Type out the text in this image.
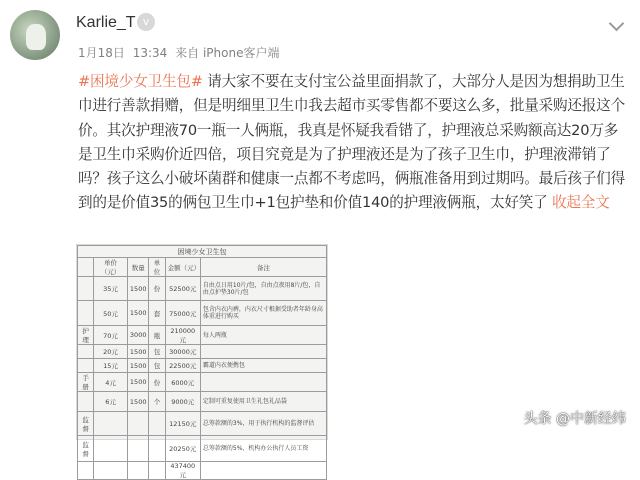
Karlie_T v
1月18日 13:34 来自 iPhone客户端
#困境少女卫生包# 请大家不要在支付宝公益里面捐款了，大部分人是因为想捐助卫生巾进行善款捐赠，但是明细里卫生巾我去超市买零售都不要这么多，批量采购还报这个价。其次护理液70一瓶一人俩瓶，我真是怀疑我看错了，护理液总采购额高达20万多是卫生巾采购价近四倍，项目究竟是为了护理液还是为了孩子卫生巾，护理液滞销了吗？孩子这么小破坏菌群和健康一点都不考虑吗，俩瓶准备用到过期吗。最后孩子们得到的是价值35的俩包卫生巾+1包护垫和价值140的护理液俩瓶，太好笑了 收起全文
困境少女卫生包					
	单价（元）	数量	单位	金额（元）	备注
	35元	1500	份	52500元	自由点日用10片/包，自由点夜用8片/包，自由点护垫30片/包
	50元	1500	套	75000元	包含内衣内裤，内衣尺寸根据受助者年龄身高体重进行购买
护理	70元	3000	瓶	210000元	每人两瓶
	20元	1500	包	30000元	
	15元	1500	包	22500元	霸道内衣便携包
手册	4元	1500	份	6000元	
	6元	1500	个	9000元	定制可重复使用卫生礼包礼品袋
监督				12150元	总筹款额的3%，用于执行机构的监督评估
监督				20250元	总筹款额的5%，机构办公执行人员工资
				437400元	
头条 @中新经纬
